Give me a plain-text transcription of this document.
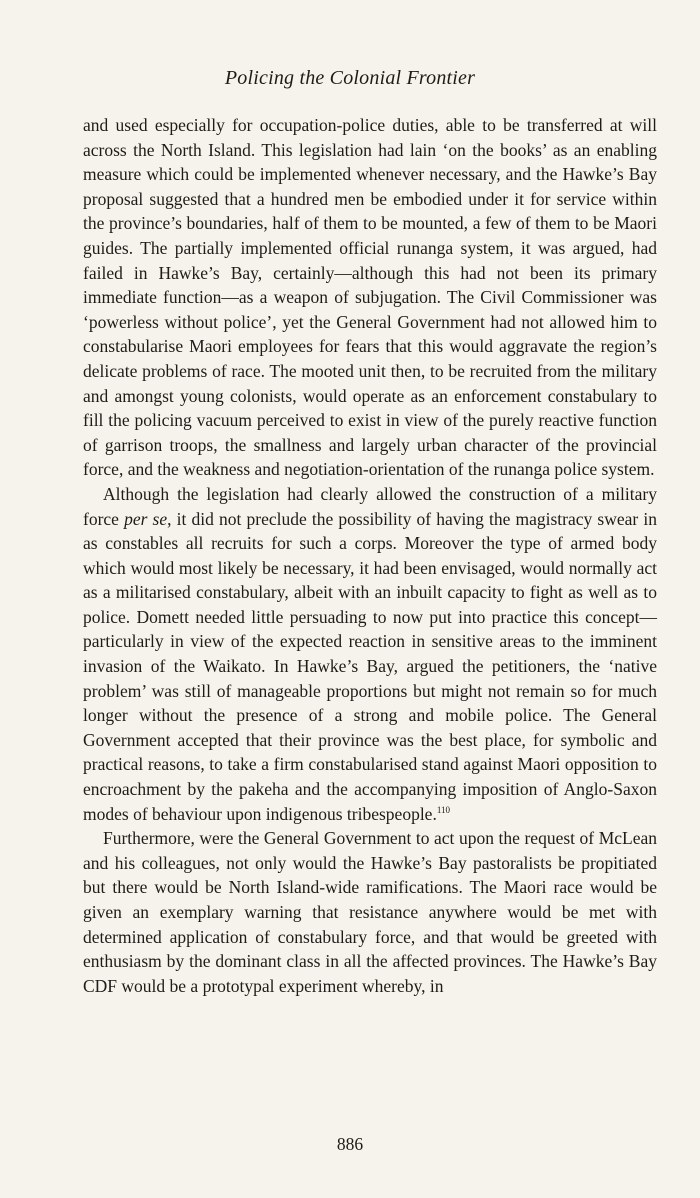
Policing the Colonial Frontier

and used especially for occupation-police duties, able to be transferred at will across the North Island. This legislation had lain ‘on the books’ as an enabling measure which could be implemented whenever necessary, and the Hawke’s Bay proposal suggested that a hundred men be embodied under it for service within the province’s boundaries, half of them to be mounted, a few of them to be Maori guides. The partially implemented official runanga system, it was argued, had failed in Hawke’s Bay, certainly—although this had not been its primary immediate function—as a weapon of subjugation. The Civil Commissioner was ‘powerless without police’, yet the General Government had not allowed him to constabularise Maori employees for fears that this would aggravate the region’s delicate problems of race. The mooted unit then, to be recruited from the military and amongst young colonists, would operate as an enforcement constabulary to fill the policing vacuum perceived to exist in view of the purely reactive function of garrison troops, the smallness and largely urban character of the provincial force, and the weakness and negotiation-orientation of the runanga police system.

Although the legislation had clearly allowed the construction of a military force per se, it did not preclude the possibility of having the magistracy swear in as constables all recruits for such a corps. Moreover the type of armed body which would most likely be necessary, it had been envisaged, would normally act as a militarised constabulary, albeit with an inbuilt capacity to fight as well as to police. Domett needed little persuading to now put into practice this concept—particularly in view of the expected reaction in sensitive areas to the imminent invasion of the Waikato. In Hawke’s Bay, argued the petitioners, the ‘native problem’ was still of manageable proportions but might not remain so for much longer without the presence of a strong and mobile police. The General Government accepted that their province was the best place, for symbolic and practical reasons, to take a firm constabularised stand against Maori opposition to encroachment by the pakeha and the accompanying imposition of Anglo-Saxon modes of behaviour upon indigenous tribespeople.$^{110}$

Furthermore, were the General Government to act upon the request of McLean and his colleagues, not only would the Hawke’s Bay pastoralists be propitiated but there would be North Island-wide ramifications. The Maori race would be given an exemplary warning that resistance anywhere would be met with determined application of constabulary force, and that would be greeted with enthusiasm by the dominant class in all the affected provinces. The Hawke’s Bay CDF would be a prototypal experiment whereby, in

886
